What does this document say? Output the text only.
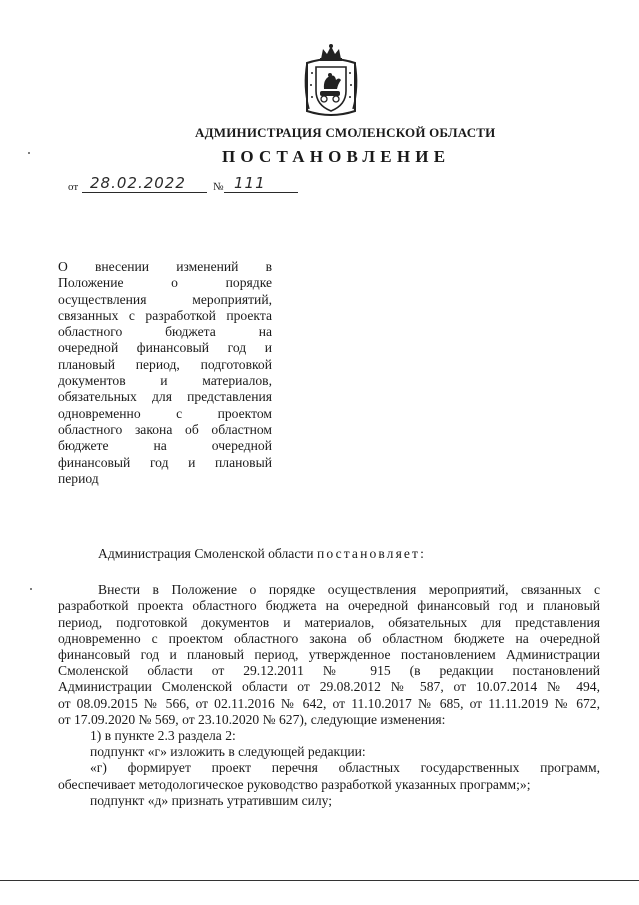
АДМИНИСТРАЦИЯ СМОЛЕНСКОЙ ОБЛАСТИ
ПОСТАНОВЛЕНИЕ
от 28.02.2022 № 111
О внесении изменений в
Положение о порядке
осуществления мероприятий,
связанных с разработкой проекта
областного бюджета на
очередной финансовый год и
плановый период, подготовкой
документов и материалов,
обязательных для представления
одновременно с проектом
областного закона об областном
бюджете на очередной
финансовый год и плановый
период
Администрация Смоленской области постановляет:
Внести в Положение о порядке осуществления мероприятий, связанных с
разработкой проекта областного бюджета на очередной финансовый год и плановый
период, подготовкой документов и материалов, обязательных для представления
одновременно с проектом областного закона об областном бюджете на очередной
финансовый год и плановый период, утвержденное постановлением Администрации
Смоленской области от 29.12.2011 № 915 (в редакции постановлений
Администрации Смоленской области от 29.08.2012 № 587, от 10.07.2014 № 494,
от 08.09.2015 № 566, от 02.11.2016 № 642, от 11.10.2017 № 685, от 11.11.2019 № 672,
от 17.09.2020 № 569, от 23.10.2020 № 627), следующие изменения:
1) в пункте 2.3 раздела 2:
подпункт «г» изложить в следующей редакции:
«г) формирует проект перечня областных государственных программ,
обеспечивает методологическое руководство разработкой указанных программ;»;
подпункт «д» признать утратившим силу;
